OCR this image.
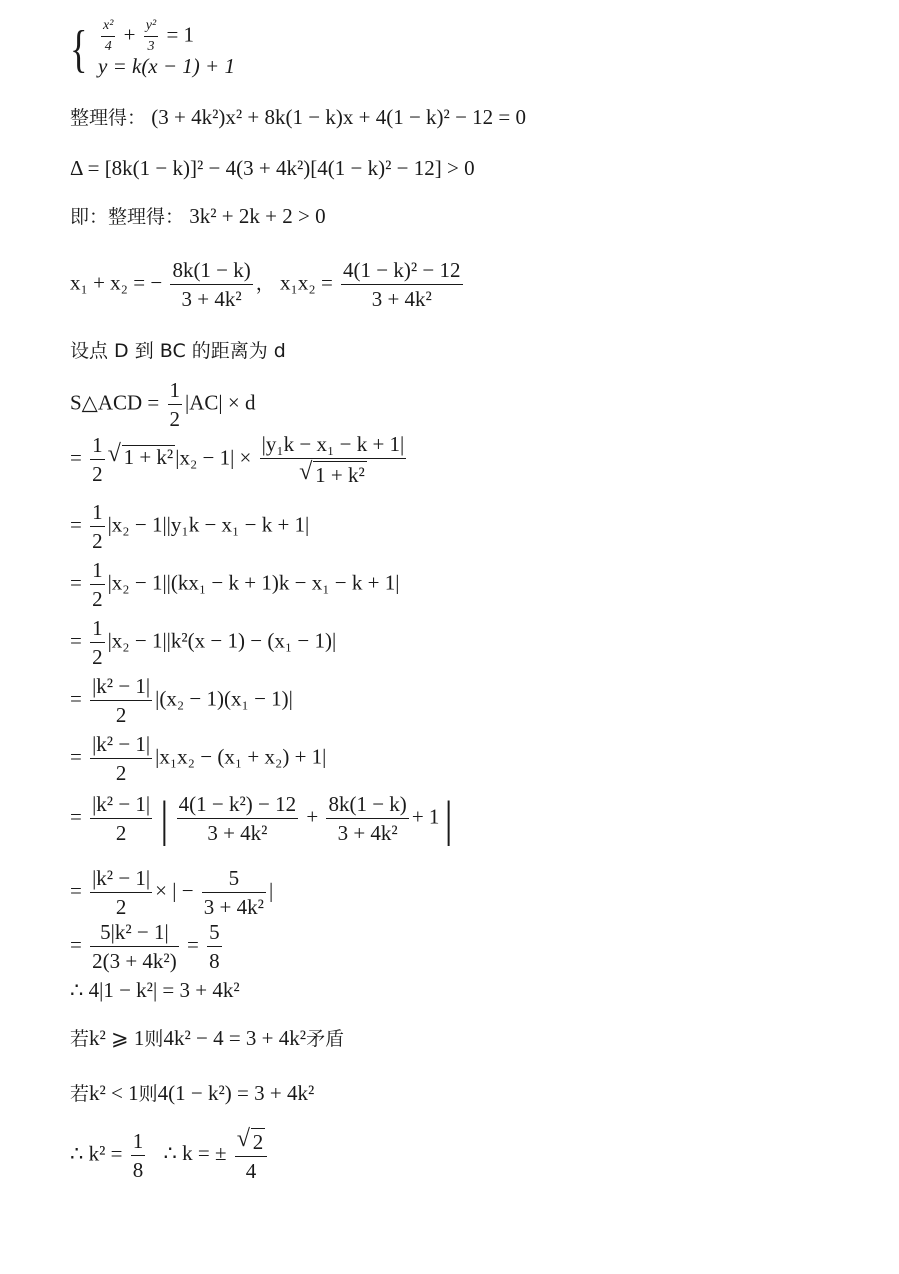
{ $\frac{\text{x²}}{4} + \frac{\text{y²}}{3} = 1$
y = k(x − 1) + 1
整理得： (3 + 4k²)x² + 8k(1 − k)x + 4(1 − k)² − 12 = 0
Δ = [8k(1 − k)]² − 4(3 + 4k²)[4(1 − k)² − 12] > 0
即：整理得： 3k² + 2k + 2 > 0
x₁ + x₂ = − $\frac{8k(1 - k)}{\text{3 + 4k²}}$ ， $x_1x_2 = \frac{\text{4(1 − k)² − 12}}{\text{3 + 4k²}}$
设点 D 到 BC 的距离为 d
S△ACD = $\frac{1}{2} |AC| \times d$
= $\frac{1}{2}$ √ 1 + k²|x₂ − 1| × |y₁k − x₁ − k + 1|
√ 1 + k²
= $\frac{1}{2} |x_2 - 1||y_1k - x_1 - k + 1|$
= $\frac{1}{2} |x_2 - 1||(kx_1 - k + 1)k - x_1 - k + 1|$
= $\frac{1}{2} |x_2 - 1||k^2(x - 1) - (x_1 - 1)|$
= $\frac{\text{|k² − 1|}}{2} |(x_2 - 1)(x_1 - 1)|$
= $\frac{\text{|k² − 1|}}{2} |x_1x_2 - (x_1 + x_2) + 1|$
= $\frac{\text{|k² − 1|}}{2}$ | $\frac{\text{4(1 − k²) − 12}}{\text{3 + 4k²}} + \frac{8k(1 - k)}{\text{3 + 4k²}} + 1$ |
= $\frac{\text{|k² − 1|}}{2}$ × | − $\frac{5}{\text{3 + 4k²}}$ |
= $\frac{\text{5|k² − 1|}}{\text{2(3 + 4k²)}} = \frac{5}{8}$
∴ 4|1 − k²| = 3 + 4k²
若k² ⩾ 1则4k² − 4 = 3 + 4k²矛盾
若k² < 1则4(1 − k²) = 3 + 4k²
∴ $k^2 = \frac{1}{8}$ ∴ k = ± √ $\frac{2}{4}$
